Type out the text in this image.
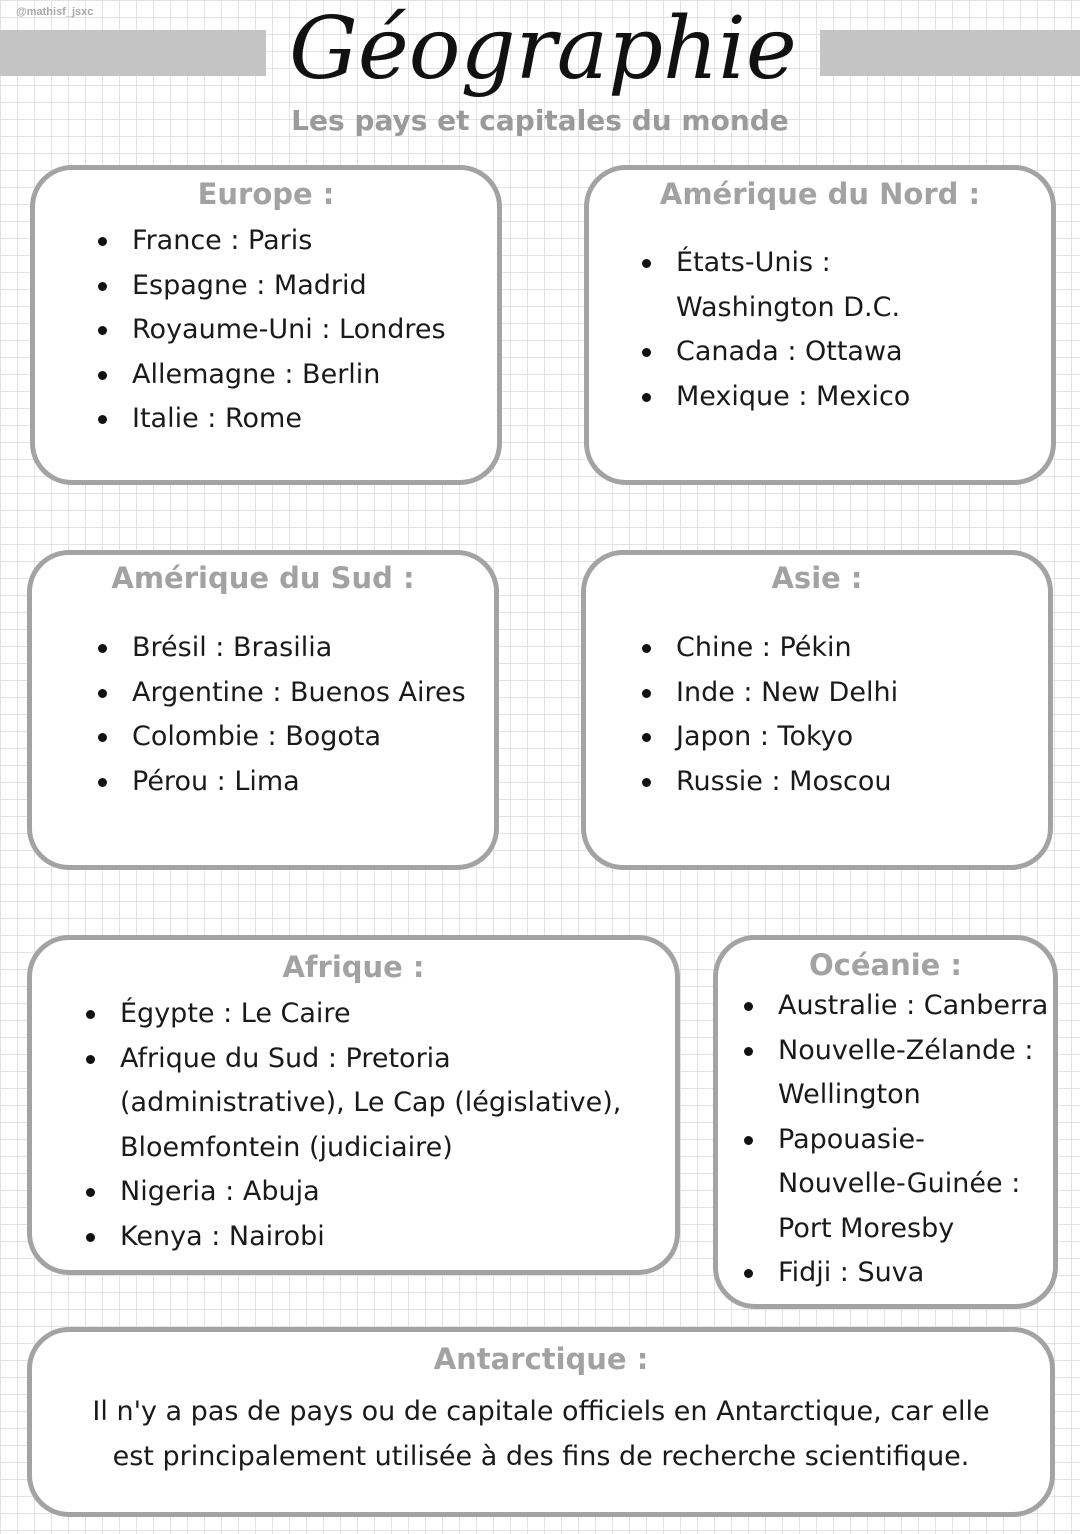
@mathisf_jsxc Géographie
Les pays et capitales du monde
Europe :
France : Paris
Espagne : Madrid
Royaume-Uni : Londres
Allemagne : Berlin
Italie : Rome
Amérique du Nord :
États-Unis : Washington D.C.
Canada : Ottawa
Mexique : Mexico
Amérique du Sud :
Brésil : Brasilia
Argentine : Buenos Aires
Colombie : Bogota
Pérou : Lima
Asie :
Chine : Pékin
Inde : New Delhi
Japon : Tokyo
Russie : Moscou
Afrique :
Égypte : Le Caire
Afrique du Sud : Pretoria (administrative), Le Cap (législative), Bloemfontein (judiciaire)
Nigeria : Abuja
Kenya : Nairobi
Océanie :
Australie : Canberra
Nouvelle-Zélande : Wellington
Papouasie-Nouvelle-Guinée : Port Moresby
Fidji : Suva
Antarctique :

Il n'y a pas de pays ou de capitale officiels en Antarctique, car elle est principalement utilisée à des fins de recherche scientifique.
